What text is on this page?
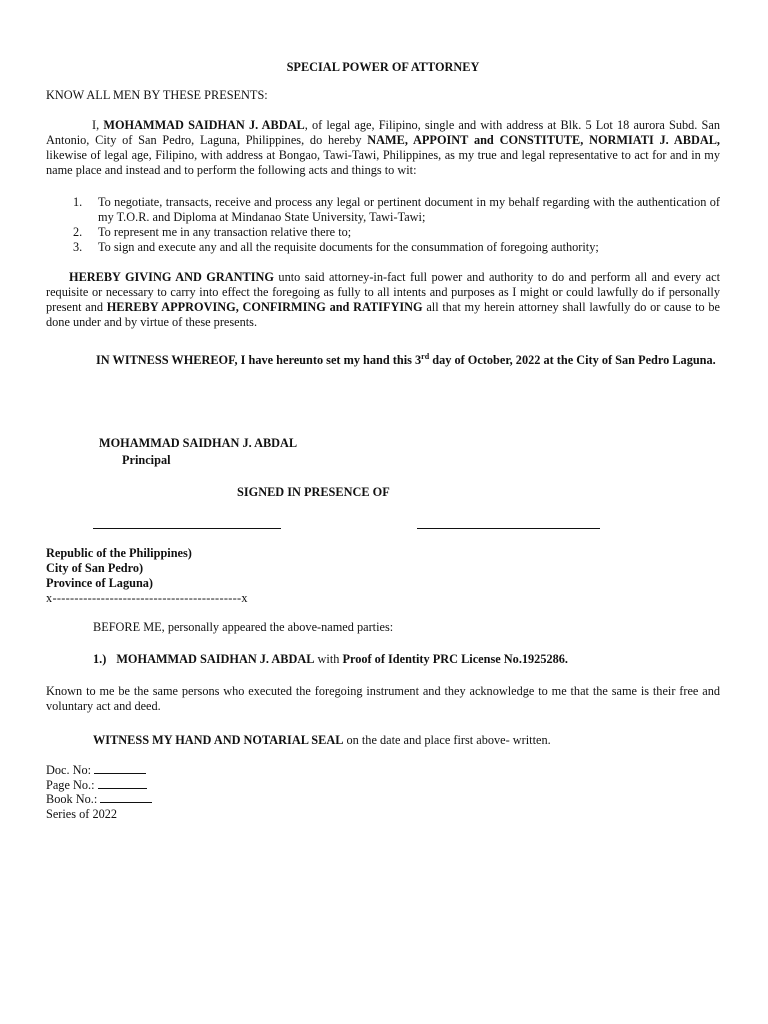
SPECIAL POWER OF ATTORNEY
KNOW ALL MEN BY THESE PRESENTS:
I, MOHAMMAD SAIDHAN J. ABDAL, of legal age, Filipino, single and with address at Blk. 5 Lot 18 aurora Subd. San Antonio, City of San Pedro, Laguna, Philippines, do hereby NAME, APPOINT and CONSTITUTE, NORMIATI J. ABDAL, likewise of legal age, Filipino, with address at Bongao, Tawi-Tawi, Philippines, as my true and legal representative to act for and in my name place and instead and to perform the following acts and things to wit:
1.	To negotiate, transacts, receive and process any legal or pertinent document in my behalf regarding with the authentication of my T.O.R. and Diploma at Mindanao State University, Tawi-Tawi;
2.	To represent me in any transaction relative there to;
3.	To sign and execute any and all the requisite documents for the consummation of foregoing authority;
HEREBY GIVING AND GRANTING unto said attorney-in-fact full power and authority to do and perform all and every act requisite or necessary to carry into effect the foregoing as fully to all intents and purposes as I might or could lawfully do if personally present and HEREBY APPROVING, CONFIRMING and RATIFYING all that my herein attorney shall lawfully do or cause to be done under and by virtue of these presents.
IN WITNESS WHEREOF, I have hereunto set my hand this 3rd day of October, 2022 at the City of San Pedro Laguna.
MOHAMMAD SAIDHAN J. ABDAL
Principal
SIGNED IN PRESENCE OF
Republic of the Philippines)
City of San Pedro)
Province of Laguna)
x-------------------------------------------x
BEFORE ME, personally appeared the above-named parties:
1.) MOHAMMAD SAIDHAN J. ABDAL with Proof of Identity PRC License No.1925286.
Known to me be the same persons who executed the foregoing instrument and they acknowledge to me that the same is their free and voluntary act and deed.
WITNESS MY HAND AND NOTARIAL SEAL on the date and place first above- written.
Doc. No:
Page No.:
Book No.:
Series of 2022
